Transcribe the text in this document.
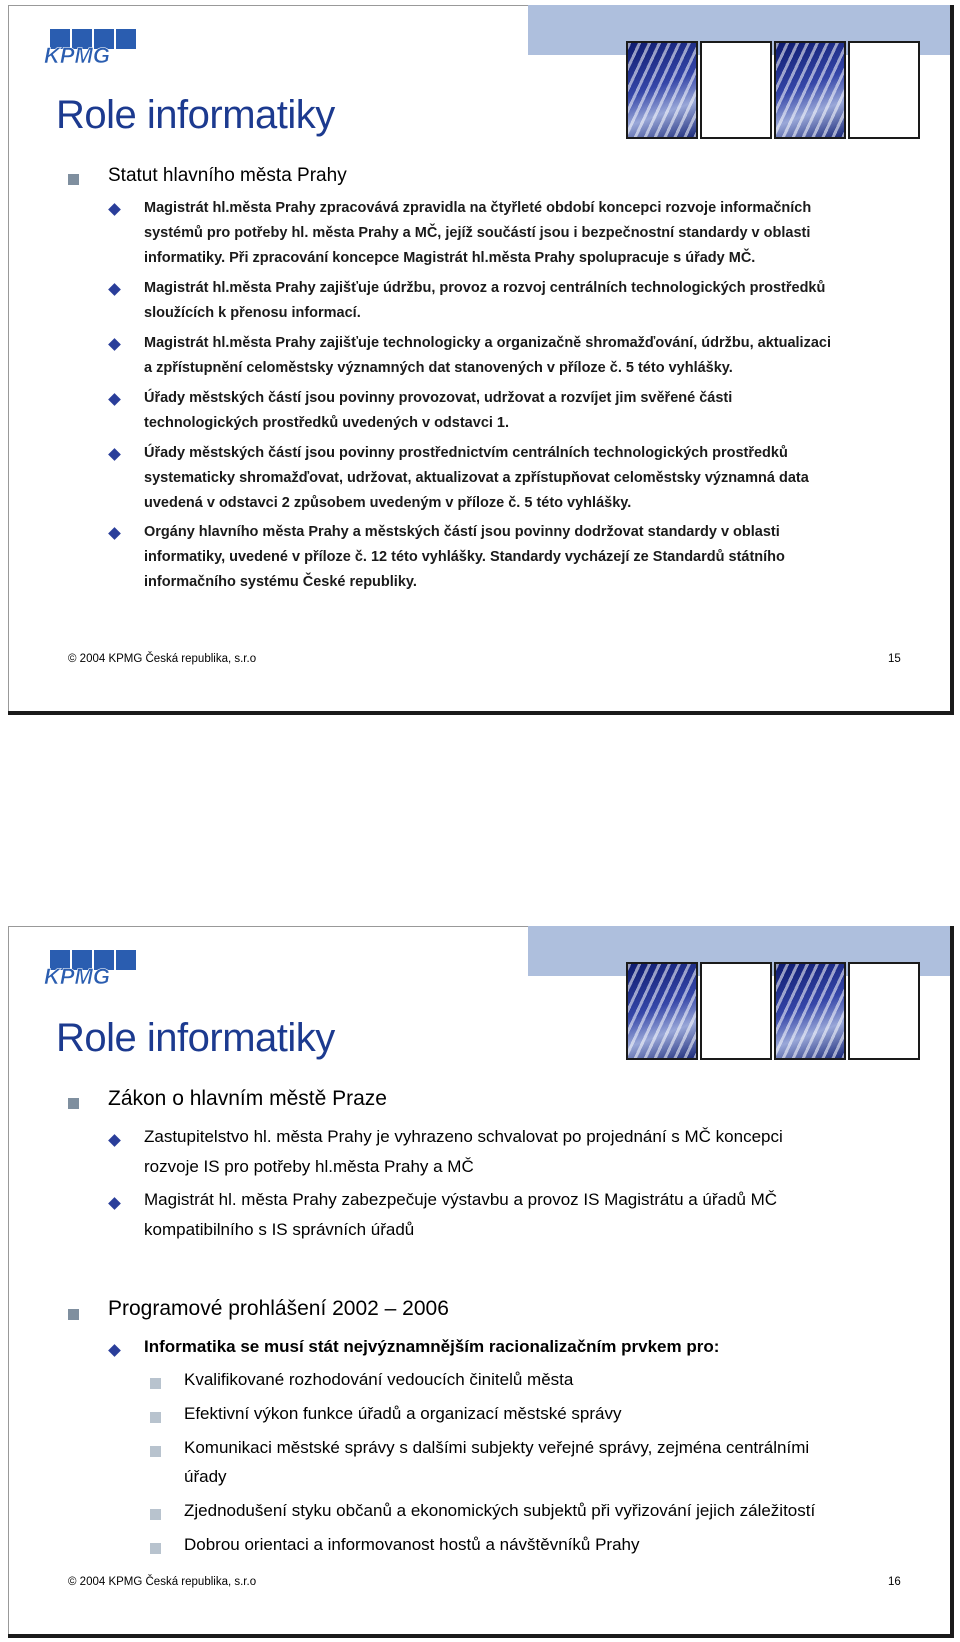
KPMG
Role informatiky
Statut hlavního města Prahy
Magistrát hl.města Prahy zpracovává zpravidla na čtyřleté období koncepci rozvoje informačních
systémů pro potřeby hl. města Prahy a MČ, jejíž součástí jsou i bezpečnostní standardy v oblasti
informatiky. Při zpracování koncepce Magistrát hl.města Prahy spolupracuje s úřady MČ.
Magistrát hl.města Prahy zajišťuje údržbu, provoz a rozvoj centrálních technologických prostředků
sloužících k přenosu informací.
Magistrát hl.města Prahy zajišťuje technologicky a organizačně shromažďování, údržbu, aktualizaci
a zpřístupnění celoměstsky významných dat stanovených v příloze č. 5 této vyhlášky.
Úřady městských částí jsou povinny provozovat, udržovat a rozvíjet jim svěřené části
technologických prostředků uvedených v odstavci 1.
Úřady městských částí jsou povinny prostřednictvím centrálních technologických prostředků
systematicky shromažďovat, udržovat, aktualizovat a zpřístupňovat celoměstsky významná data
uvedená v odstavci 2 způsobem uvedeným v příloze č. 5 této vyhlášky.
Orgány hlavního města Prahy a městských částí jsou povinny dodržovat standardy v oblasti
informatiky, uvedené v příloze č. 12 této vyhlášky. Standardy vycházejí ze Standardů státního
informačního systému České republiky.
© 2004 KPMG Česká republika, s.r.o	15
KPMG
Role informatiky
Zákon o hlavním městě Praze
Zastupitelstvo hl. města Prahy je vyhrazeno schvalovat po projednání s MČ koncepci
rozvoje IS pro potřeby hl.města Prahy a MČ
Magistrát hl. města Prahy zabezpečuje výstavbu a provoz IS Magistrátu a úřadů MČ
kompatibilního s IS správních úřadů
Programové prohlášení 2002 – 2006
Informatika se musí stát nejvýznamnějším racionalizačním prvkem pro:
Kvalifikované rozhodování vedoucích činitelů města
Efektivní výkon funkce úřadů a organizací městské správy
Komunikaci městské správy s dalšími subjekty veřejné správy, zejména centrálními
úřady
Zjednodušení styku občanů a ekonomických subjektů při vyřizování jejich záležitostí
Dobrou orientaci a informovanost hostů a návštěvníků Prahy
© 2004 KPMG Česká republika, s.r.o	16
